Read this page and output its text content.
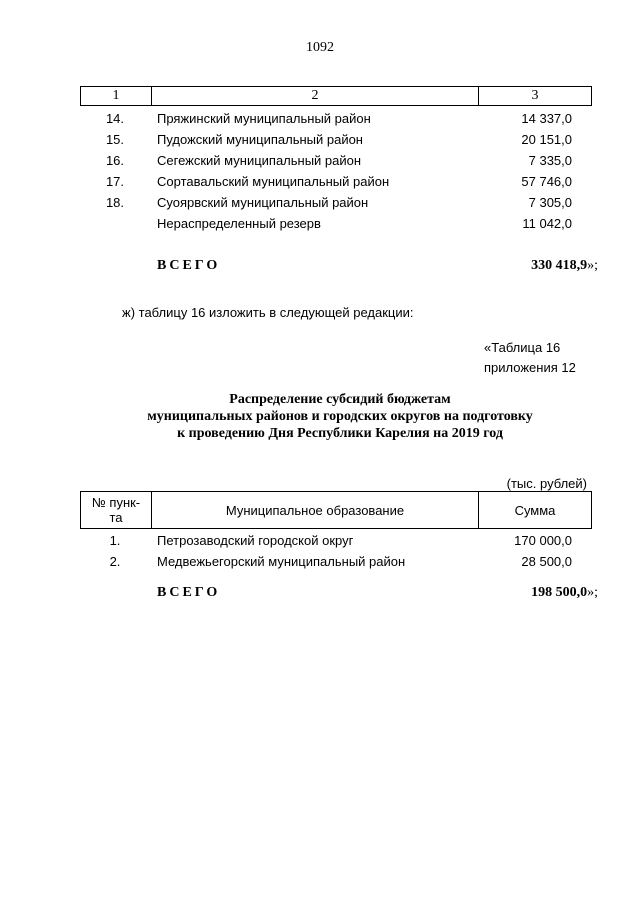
1092
1	2	3
14.	Пряжинский муниципальный район	14 337,0
15.	Пудожский муниципальный район	20 151,0
16.	Сегежский муниципальный район	7 335,0
17.	Сортавальский муниципальный район	57 746,0
18.	Суоярвский муниципальный район	7 305,0
Нераспределенный резерв	11 042,0
ВСЕГО	330 418,9»;
ж) таблицу 16 изложить в следующей редакции:
«Таблица 16
приложения 12
Распределение субсидий бюджетам
муниципальных районов и городских округов на подготовку
к проведению Дня Республики Карелия на 2019 год
(тыс. рублей)
№ пунк-
та	Муниципальное образование	Сумма
1.	Петрозаводский городской округ	170 000,0
2.	Медвежьегорский муниципальный район	28 500,0
ВСЕГО	198 500,0»;
